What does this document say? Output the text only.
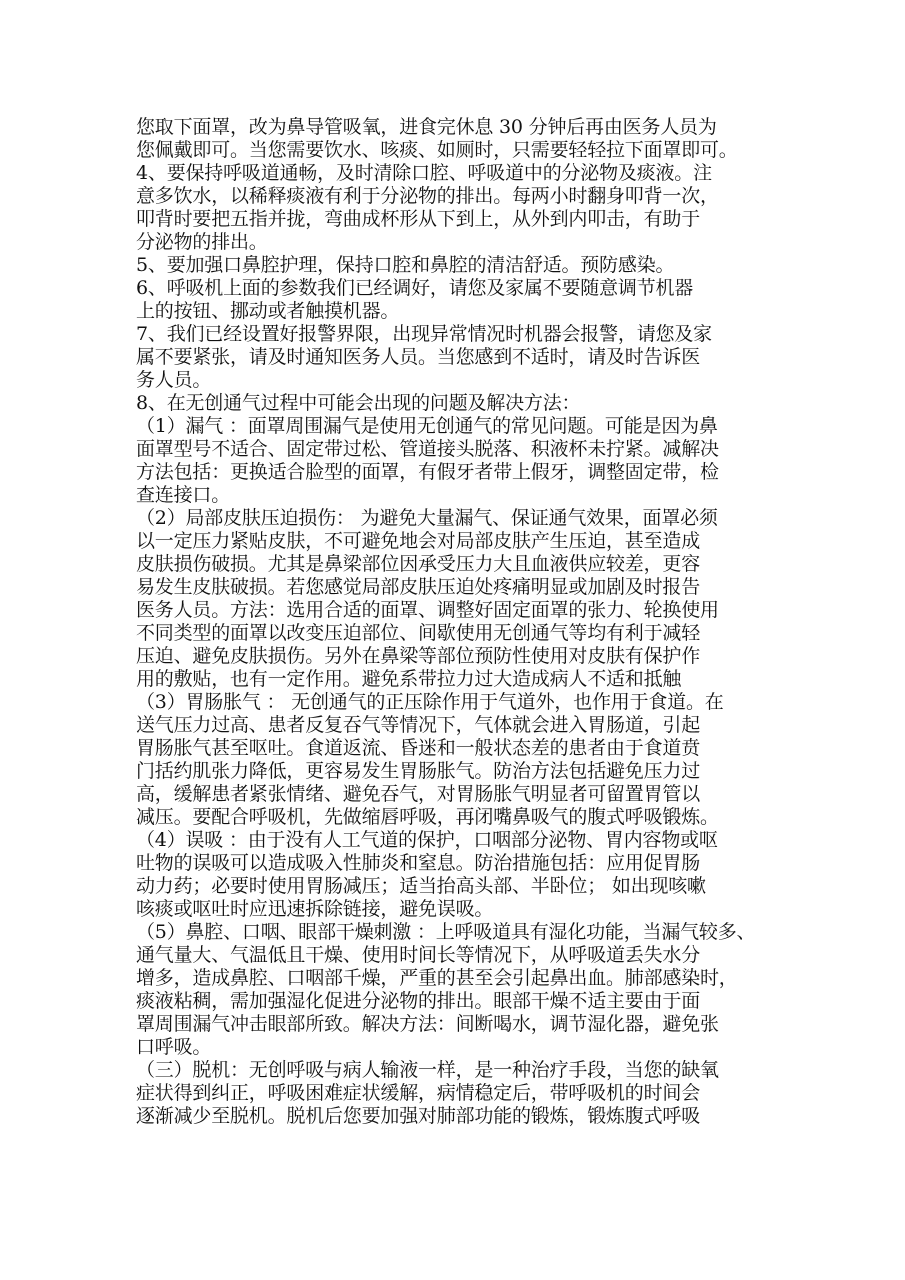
您取下面罩，改为鼻导管吸氧，进食完休息 30 分钟后再由医务人员为
您佩戴即可。当您需要饮水、咳痰、如厕时，只需要轻轻拉下面罩即可。
4、要保持呼吸道通畅，及时清除口腔、呼吸道中的分泌物及痰液。注
意多饮水，以稀释痰液有利于分泌物的排出。每两小时翻身叩背一次，
叩背时要把五指并拢，弯曲成杯形从下到上，从外到内叩击，有助于
分泌物的排出。
5、要加强口鼻腔护理，保持口腔和鼻腔的清洁舒适。预防感染。
6、呼吸机上面的参数我们已经调好，请您及家属不要随意调节机器
上的按钮、挪动或者触摸机器。
7、我们已经设置好报警界限，出现异常情况时机器会报警，请您及家
属不要紧张，请及时通知医务人员。当您感到不适时，请及时告诉医
务人员。
8、在无创通气过程中可能会出现的问题及解决方法：
（1）漏气 ：面罩周围漏气是使用无创通气的常见问题。可能是因为鼻
面罩型号不适合、固定带过松、管道接头脱落、积液杯未拧紧。减解决
方法包括：更换适合脸型的面罩，有假牙者带上假牙，调整固定带，检
查连接口。
（2）局部皮肤压迫损伤： 为避免大量漏气、保证通气效果，面罩必须
以一定压力紧贴皮肤，不可避免地会对局部皮肤产生压迫，甚至造成
皮肤损伤破损。尤其是鼻梁部位因承受压力大且血液供应较差，更容
易发生皮肤破损。若您感觉局部皮肤压迫处疼痛明显或加剧及时报告
医务人员。方法：选用合适的面罩、调整好固定面罩的张力、轮换使用
不同类型的面罩以改变压迫部位、间歇使用无创通气等均有利于减轻
压迫、避免皮肤损伤。另外在鼻梁等部位预防性使用对皮肤有保护作
用的敷贴，也有一定作用。避免系带拉力过大造成病人不适和抵触
（3）胃肠胀气 ： 无创通气的正压除作用于气道外，也作用于食道。在
送气压力过高、患者反复吞气等情况下，气体就会进入胃肠道，引起
胃肠胀气甚至呕吐。食道返流、昏迷和一般状态差的患者由于食道贲
门括约肌张力降低，更容易发生胃肠胀气。防治方法包括避免压力过
高，缓解患者紧张情绪、避免吞气，对胃肠胀气明显者可留置胃管以
减压。要配合呼吸机，先做缩唇呼吸，再闭嘴鼻吸气的腹式呼吸锻炼。
（4）误吸 ：由于没有人工气道的保护，口咽部分泌物、胃内容物或呕
吐物的误吸可以造成吸入性肺炎和窒息。防治措施包括：应用促胃肠
动力药；必要时使用胃肠减压；适当抬高头部、半卧位； 如出现咳嗽
咳痰或呕吐时应迅速拆除链接，避免误吸。
（5）鼻腔、口咽、眼部干燥刺激 ：上呼吸道具有湿化功能，当漏气较多、
通气量大、气温低且干燥、使用时间长等情况下，从呼吸道丢失水分
增多，造成鼻腔、口咽部千燥，严重的甚至会引起鼻出血。肺部感染时，
痰液粘稠，需加强湿化促进分泌物的排出。眼部干燥不适主要由于面
罩周围漏气冲击眼部所致。解决方法：间断喝水，调节湿化器，避免张
口呼吸。
（三）脱机：无创呼吸与病人输液一样，是一种治疗手段，当您的缺氧
症状得到纠正，呼吸困难症状缓解，病情稳定后，带呼吸机的时间会
逐渐减少至脱机。脱机后您要加强对肺部功能的锻炼，锻炼腹式呼吸
